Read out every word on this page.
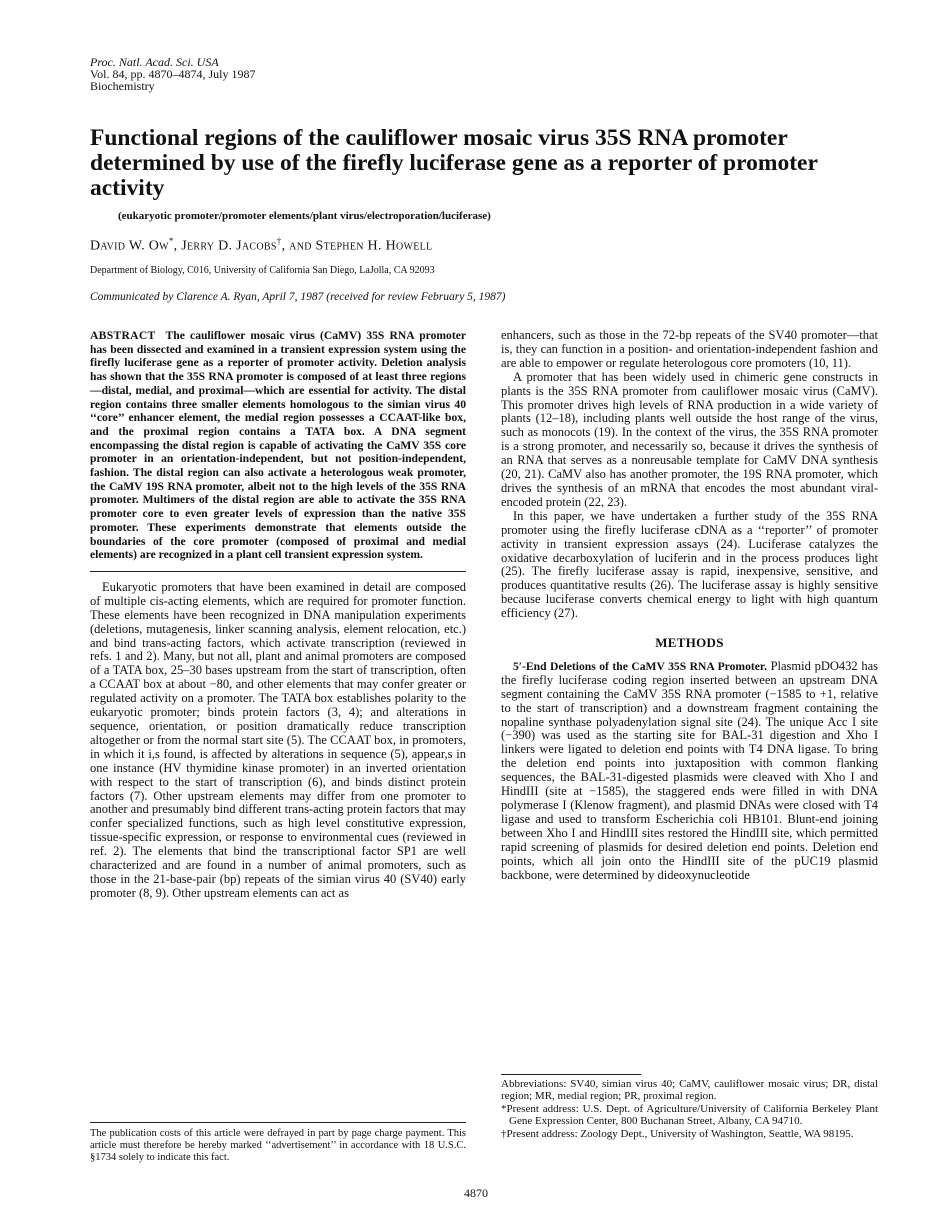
Proc. Natl. Acad. Sci. USA
Vol. 84, pp. 4870–4874, July 1987
Biochemistry
Functional regions of the cauliflower mosaic virus 35S RNA promoter determined by use of the firefly luciferase gene as a reporter of promoter activity
(eukaryotic promoter/promoter elements/plant virus/electroporation/luciferase)
David W. Ow*, Jerry D. Jacobs†, and Stephen H. Howell
Department of Biology, C016, University of California San Diego, LaJolla, CA 92093
Communicated by Clarence A. Ryan, April 7, 1987 (received for review February 5, 1987)
ABSTRACT The cauliflower mosaic virus (CaMV) 35S RNA promoter has been dissected and examined in a transient expression system using the firefly luciferase gene as a reporter of promoter activity. Deletion analysis has shown that the 35S RNA promoter is composed of at least three regions—distal, medial, and proximal—which are essential for activity. The distal region contains three smaller elements homologous to the simian virus 40 ‘‘core’’ enhancer element, the medial region possesses a CCAAT-like box, and the proximal region contains a TATA box. A DNA segment encompassing the distal region is capable of activating the CaMV 35S core promoter in an orientation-independent, but not position-independent, fashion. The distal region can also activate a heterologous weak promoter, the CaMV 19S RNA promoter, albeit not to the high levels of the 35S RNA promoter. Multimers of the distal region are able to activate the 35S RNA promoter core to even greater levels of expression than the native 35S promoter. These experiments demonstrate that elements outside the boundaries of the core promoter (composed of proximal and medial elements) are recognized in a plant cell transient expression system.

Eukaryotic promoters that have been examined in detail are composed of multiple cis-acting elements, which are required for promoter function. These elements have been recognized in DNA manipulation experiments (deletions, mutagenesis, linker scanning analysis, element relocation, etc.) and bind trans-acting factors, which activate transcription (reviewed in refs. 1 and 2). Many, but not all, plant and animal promoters are composed of a TATA box, 25–30 bases upstream from the start of transcription, often a CCAAT box at about −80, and other elements that may confer greater or regulated activity on a promoter. The TATA box establishes polarity to the eukaryotic promoter; binds protein factors (3, 4); and alterations in sequence, orientation, or position dramatically reduce transcription altogether or from the normal start site (5). The CCAAT box, in promoters, in which it i,s found, is affected by alterations in sequence (5), appear,s in one instance (HV thymidine kinase promoter) in an inverted orientation with respect to the start of transcription (6), and binds distinct protein factors (7). Other upstream elements may differ from one promoter to another and presumably bind different trans-acting protein factors that may confer specialized functions, such as high level constitutive expression, tissue-specific expression, or response to environmental cues (reviewed in ref. 2). The elements that bind the transcriptional factor SP1 are well characterized and are found in a number of animal promoters, such as those in the 21-base-pair (bp) repeats of the simian virus 40 (SV40) early promoter (8, 9). Other upstream elements can act as

enhancers, such as those in the 72-bp repeats of the SV40 promoter—that is, they can function in a position- and orientation-independent fashion and are able to empower or regulate heterologous core promoters (10, 11).

A promoter that has been widely used in chimeric gene constructs in plants is the 35S RNA promoter from cauliflower mosaic virus (CaMV). This promoter drives high levels of RNA production in a wide variety of plants (12–18), including plants well outside the host range of the virus, such as monocots (19). In the context of the virus, the 35S RNA promoter is a strong promoter, and necessarily so, because it drives the synthesis of an RNA that serves as a nonreusable template for CaMV DNA synthesis (20, 21). CaMV also has another promoter, the 19S RNA promoter, which drives the synthesis of an mRNA that encodes the most abundant viral-encoded protein (22, 23).

In this paper, we have undertaken a further study of the 35S RNA promoter using the firefly luciferase cDNA as a ‘‘reporter’’ of promoter activity in transient expression assays (24). Luciferase catalyzes the oxidative decarboxylation of luciferin and in the process produces light (25). The firefly luciferase assay is rapid, inexpensive, sensitive, and produces quantitative results (26). The luciferase assay is highly sensitive because luciferase converts chemical energy to light with high quantum efficiency (27).

METHODS

5′-End Deletions of the CaMV 35S RNA Promoter. Plasmid pDO432 has the firefly luciferase coding region inserted between an upstream DNA segment containing the CaMV 35S RNA promoter (−1585 to +1, relative to the start of transcription) and a downstream fragment containing the nopaline synthase polyadenylation signal site (24). The unique Acc I site (−390) was used as the starting site for BAL-31 digestion and Xho I linkers were ligated to deletion end points with T4 DNA ligase. To bring the deletion end points into juxtaposition with common flanking sequences, the BAL-31-digested plasmids were cleaved with Xho I and HindIII (site at −1585), the staggered ends were filled in with DNA polymerase I (Klenow fragment), and plasmid DNAs were closed with T4 ligase and used to transform Escherichia coli HB101. Blunt-end joining between Xho I and HindIII sites restored the HindIII site, which permitted rapid screening of plasmids for desired deletion end points. Deletion end points, which all join onto the HindIII site of the pUC19 plasmid backbone, were determined by dideoxynucleotide

Abbreviations: SV40, simian virus 40; CaMV, cauliflower mosaic virus; DR, distal region; MR, medial region; PR, proximal region.

*Present address: U.S. Dept. of Agriculture/University of California Berkeley Plant Gene Expression Center, 800 Buchanan Street, Albany, CA 94710.

†Present address: Zoology Dept., University of Washington, Seattle, WA 98195.

The publication costs of this article were defrayed in part by page charge payment. This article must therefore be hereby marked ‘‘advertisement’’ in accordance with 18 U.S.C. §1734 solely to indicate this fact.
4870
